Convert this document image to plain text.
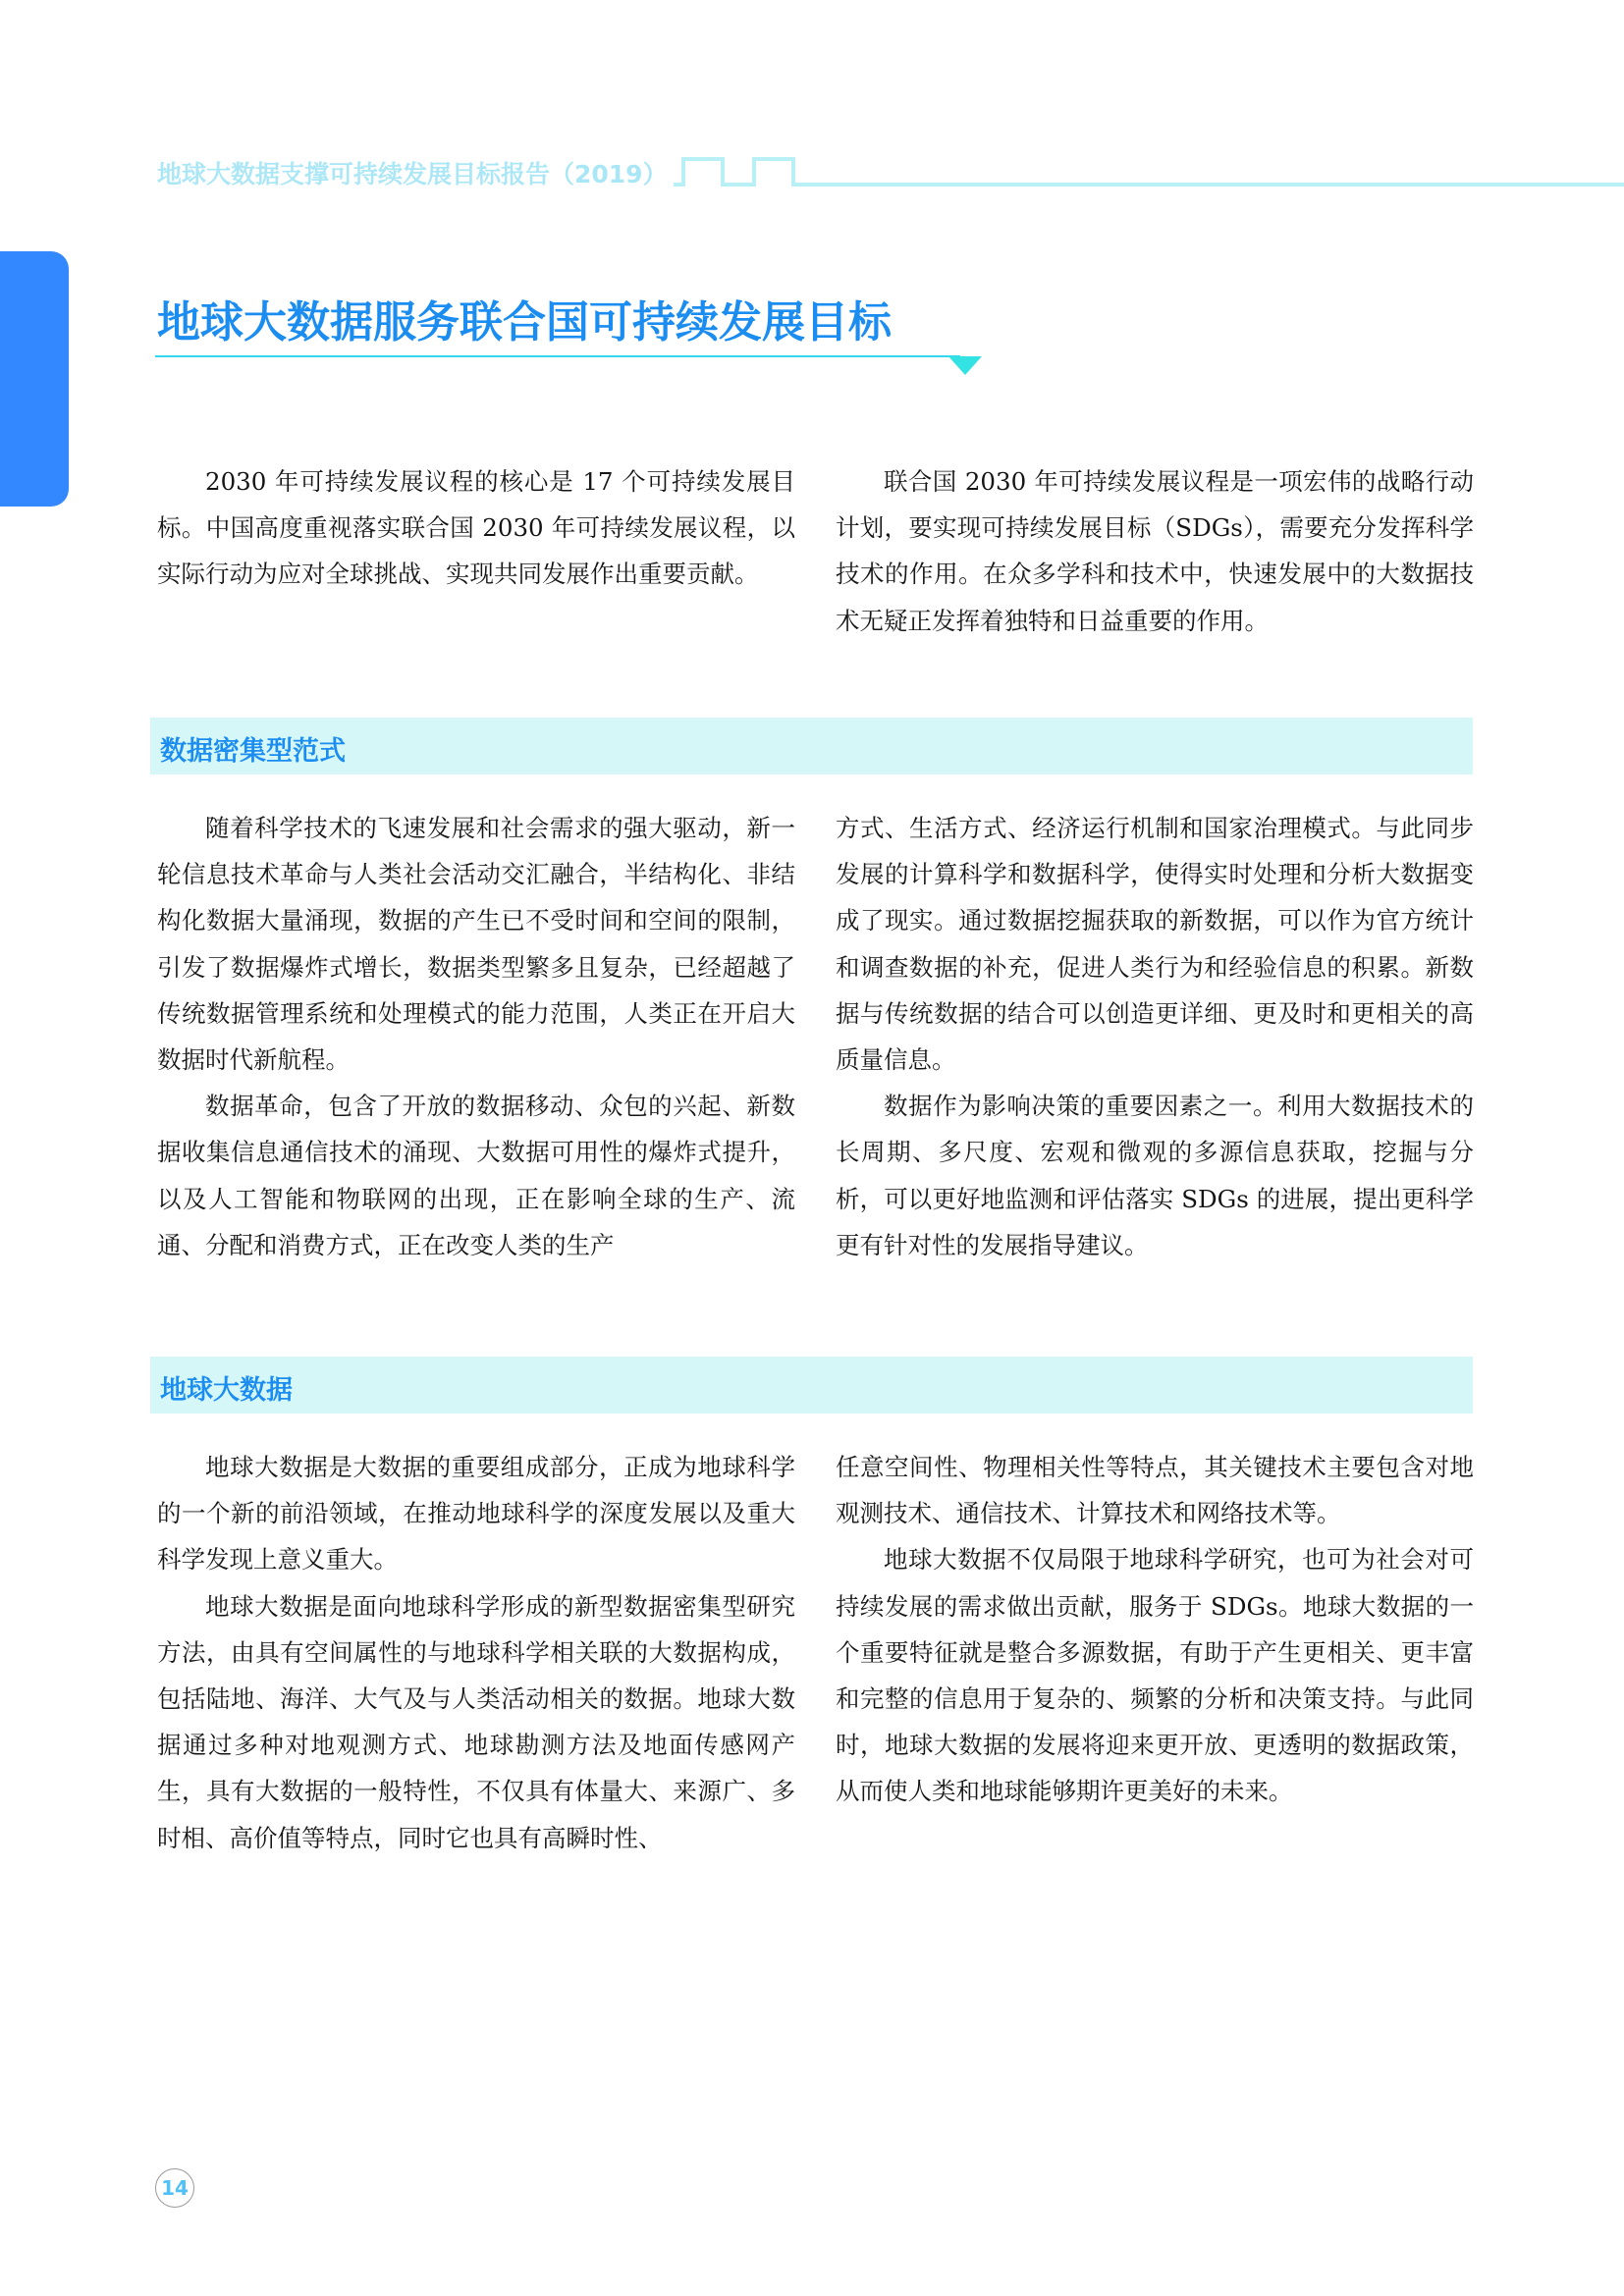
地球大数据支撑可持续发展目标报告（2019）
地球大数据服务联合国可持续发展目标

2030 年可持续发展议程的核心是 17 个可持续发展目标。中国高度重视落实联合国 2030 年可持续发展议程，以实际行动为应对全球挑战、实现共同发展作出重要贡献。

联合国 2030 年可持续发展议程是一项宏伟的战略行动计划，要实现可持续发展目标（SDGs），需要充分发挥科学技术的作用。在众多学科和技术中，快速发展中的大数据技术无疑正发挥着独特和日益重要的作用。

数据密集型范式

随着科学技术的飞速发展和社会需求的强大驱动，新一轮信息技术革命与人类社会活动交汇融合，半结构化、非结构化数据大量涌现，数据的产生已不受时间和空间的限制，引发了数据爆炸式增长，数据类型繁多且复杂，已经超越了传统数据管理系统和处理模式的能力范围，人类正在开启大数据时代新航程。

数据革命，包含了开放的数据移动、众包的兴起、新数据收集信息通信技术的涌现、大数据可用性的爆炸式提升，以及人工智能和物联网的出现，正在影响全球的生产、流通、分配和消费方式，正在改变人类的生产

方式、生活方式、经济运行机制和国家治理模式。与此同步发展的计算科学和数据科学，使得实时处理和分析大数据变成了现实。通过数据挖掘获取的新数据，可以作为官方统计和调查数据的补充，促进人类行为和经验信息的积累。新数据与传统数据的结合可以创造更详细、更及时和更相关的高质量信息。

数据作为影响决策的重要因素之一。利用大数据技术的长周期、多尺度、宏观和微观的多源信息获取，挖掘与分析，可以更好地监测和评估落实 SDGs 的进展，提出更科学更有针对性的发展指导建议。

地球大数据

地球大数据是大数据的重要组成部分，正成为地球科学的一个新的前沿领域，在推动地球科学的深度发展以及重大科学发现上意义重大。

地球大数据是面向地球科学形成的新型数据密集型研究方法，由具有空间属性的与地球科学相关联的大数据构成，包括陆地、海洋、大气及与人类活动相关的数据。地球大数据通过多种对地观测方式、地球勘测方法及地面传感网产生，具有大数据的一般特性，不仅具有体量大、来源广、多时相、高价值等特点，同时它也具有高瞬时性、

任意空间性、物理相关性等特点，其关键技术主要包含对地观测技术、通信技术、计算技术和网络技术等。

地球大数据不仅局限于地球科学研究，也可为社会对可持续发展的需求做出贡献，服务于 SDGs。地球大数据的一个重要特征就是整合多源数据，有助于产生更相关、更丰富和完整的信息用于复杂的、频繁的分析和决策支持。与此同时，地球大数据的发展将迎来更开放、更透明的数据政策，从而使人类和地球能够期许更美好的未来。

14
